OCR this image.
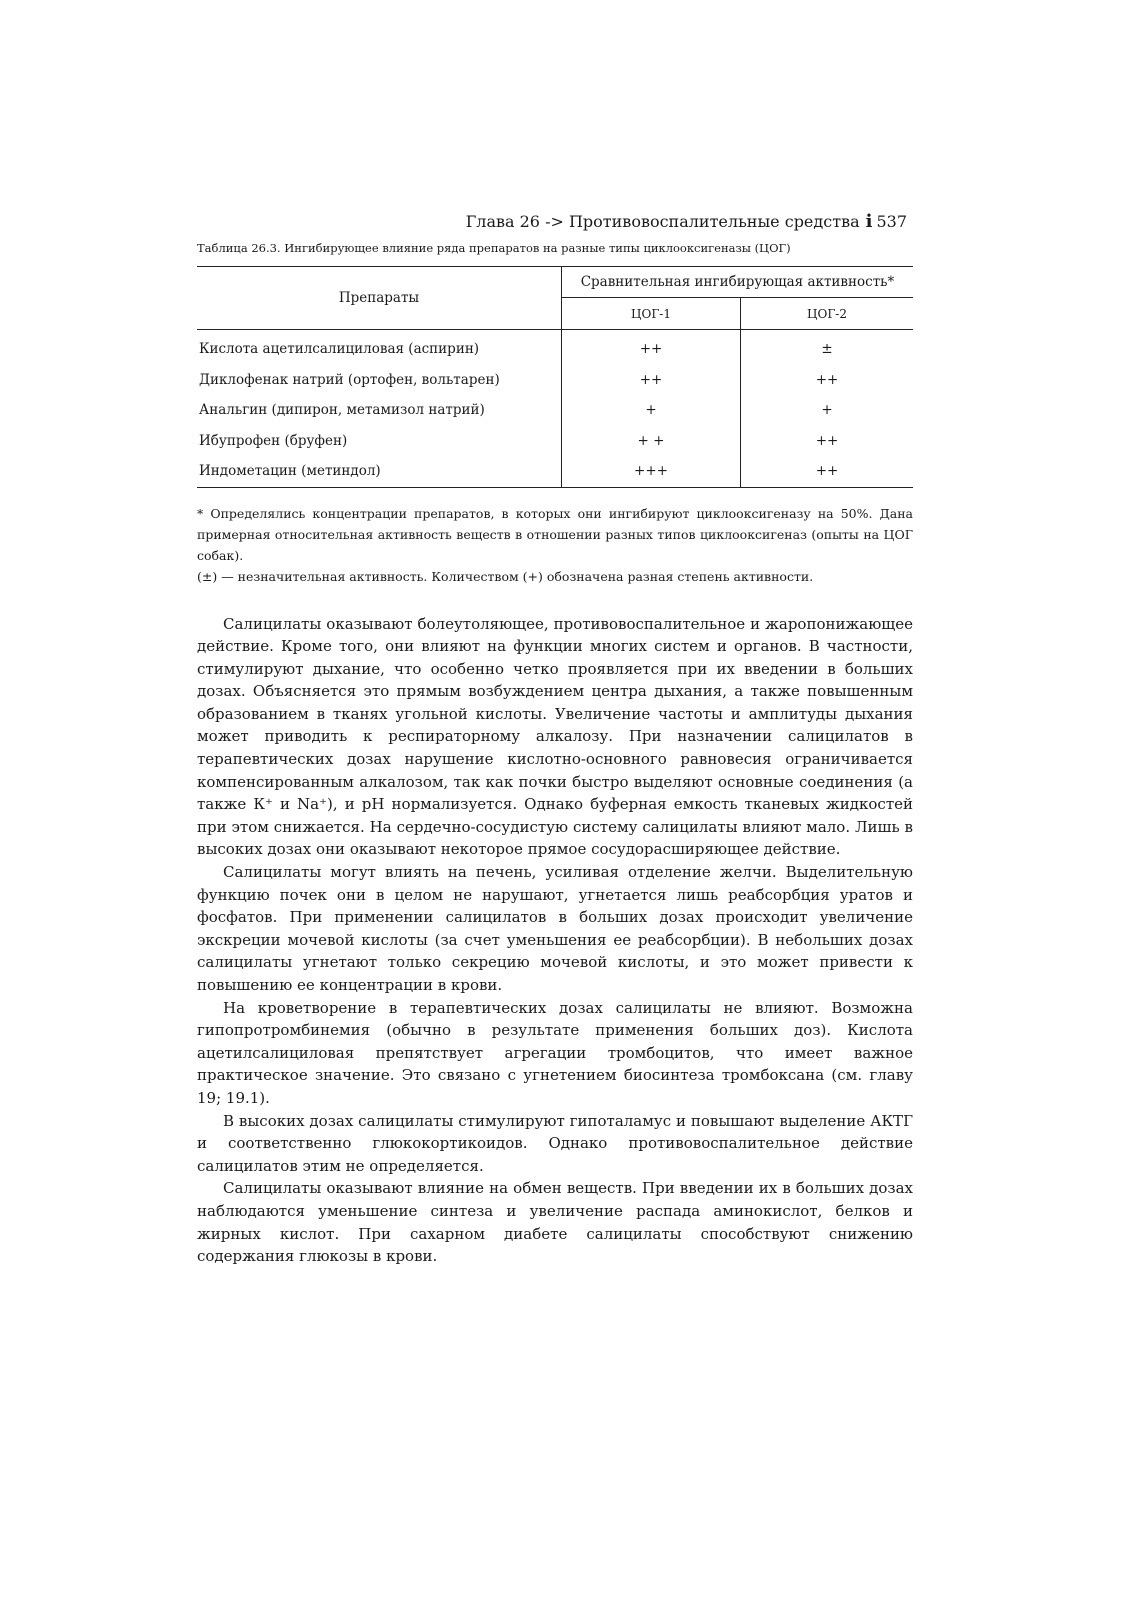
Глава 26 -> Противовоспалительные средства i 537
Таблица 26.3. Ингибирующее влияние ряда препаратов на разные типы циклооксигеназы (ЦОГ)
Препараты	Сравнительная ингибирующая активность*	
	ЦОГ-1	ЦОГ-2
Кислота ацетилсалициловая (аспирин)	++	±
Диклофенак натрий (ортофен, вольтарен)	++	++
Анальгин (дипирон, метамизол натрий)	+	+
Ибупрофен (бруфен)	+ +	++
Индометацин (метиндол)	+++	++

* Определялись концентрации препаратов, в которых они ингибируют циклооксигеназу на 50%. Дана примерная относительная активность веществ в отношении разных типов циклооксигеназ (опыты на ЦОГ собак).

(±) — незначительная активность. Количеством (+) обозначена разная степень активности.

Салицилаты оказывают болеутоляющее, противовоспалительное и жаропонижающее действие. Кроме того, они влияют на функции многих систем и органов. В частности, стимулируют дыхание, что особенно четко проявляется при их введении в больших дозах. Объясняется это прямым возбуждением центра дыхания, а также повышенным образованием в тканях угольной кислоты. Увеличение частоты и амплитуды дыхания может приводить к респираторному алкалозу. При назначении салицилатов в терапевтических дозах нарушение кислотно-основного равновесия ограничивается компенсированным алкалозом, так как почки быстро выделяют основные соединения (а также К⁺ и Na⁺), и pH нормализуется. Однако буферная емкость тканевых жидкостей при этом снижается. На сердечно-сосудистую систему салицилаты влияют мало. Лишь в высоких дозах они оказывают некоторое прямое сосудорасширяющее действие.

Салицилаты могут влиять на печень, усиливая отделение желчи. Выделительную функцию почек они в целом не нарушают, угнетается лишь реабсорбция уратов и фосфатов. При применении салицилатов в больших дозах происходит увеличение экскреции мочевой кислоты (за счет уменьшения ее реабсорбции). В небольших дозах салицилаты угнетают только секрецию мочевой кислоты, и это может привести к повышению ее концентрации в крови.

На кроветворение в терапевтических дозах салицилаты не влияют. Возможна гипопротромбинемия (обычно в результате применения больших доз). Кислота ацетилсалициловая препятствует агрегации тромбоцитов, что имеет важное практическое значение. Это связано с угнетением биосинтеза тромбоксана (см. главу 19; 19.1).

В высоких дозах салицилаты стимулируют гипоталамус и повышают выделение АКТГ и соответственно глюкокортикоидов. Однако противовоспалительное действие салицилатов этим не определяется.

Салицилаты оказывают влияние на обмен веществ. При введении их в больших дозах наблюдаются уменьшение синтеза и увеличение распада аминокислот, белков и жирных кислот. При сахарном диабете салицилаты способствуют снижению содержания глюкозы в крови.
